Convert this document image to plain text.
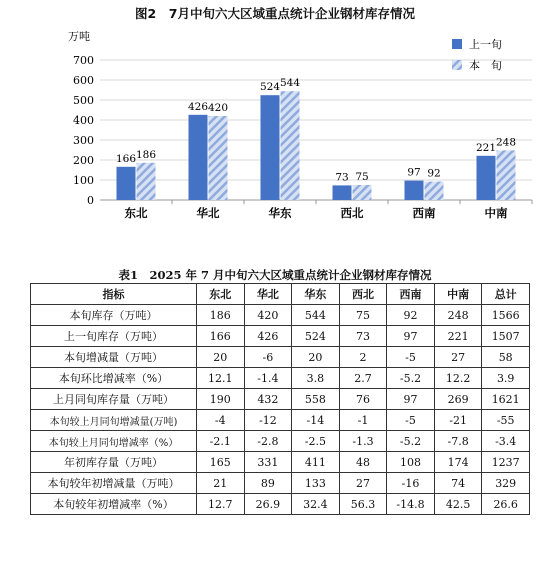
图2　7月中旬六大区域重点统计企业钢材库存情况
0
100
200
300
400
500
600
700
166 186
东北
426 420
华北
524 544
华东
73 75
西北
97 92
西南
221 248
中南
万吨
上一旬
本　旬
表1　2025 年 7 月中旬六大区域重点统计企业钢材库存情况
指标	东北	华北	华东	西北	西南	中南	总计
本旬库存（万吨）	186	420	544	75	92	248	1566
上一旬库存（万吨）	166	426	524	73	97	221	1507
本旬增减量（万吨）	20	-6	20	2	-5	27	58
本旬环比增减率（%）	12.1	-1.4	3.8	2.7	-5.2	12.2	3.9
上月同旬库存量（万吨）	190	432	558	76	97	269	1621
本旬较上月同旬增减量(万吨)	-4	-12	-14	-1	-5	-21	-55
本旬较上月同旬增减率（%）	-2.1	-2.8	-2.5	-1.3	-5.2	-7.8	-3.4
年初库存量（万吨）	165	331	411	48	108	174	1237
本旬较年初增减量（万吨）	21	89	133	27	-16	74	329
本旬较年初增减率（%）	12.7	26.9	32.4	56.3	-14.8	42.5	26.6
